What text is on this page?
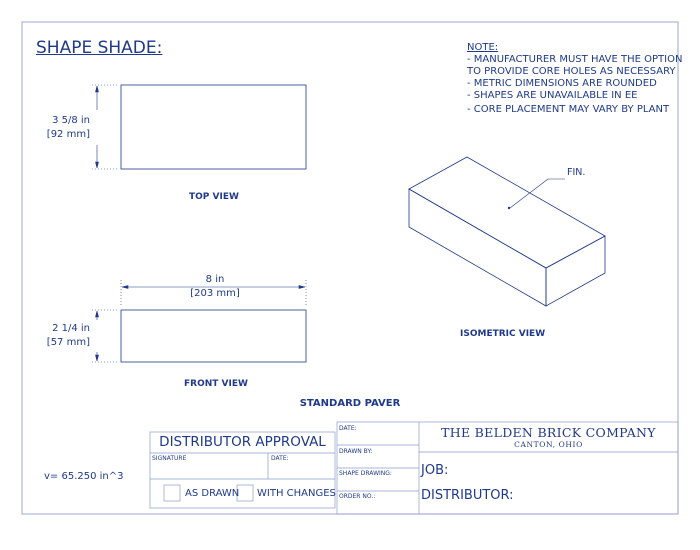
SHAPE SHADE:	NOTE:
- MANUFACTURER MUST HAVE THE OPTION
TO PROVIDE CORE HOLES AS NECESSARY
- METRIC DIMENSIONS ARE ROUNDED
- SHAPES ARE UNAVAILABLE IN EE
- CORE PLACEMENT MAY VARY BY PLANT
3 5/8 in
[92 mm]
TOP VIEW
8 in
[203 mm]
2 1/4 in
[57 mm]
FRONT VIEW
FIN.
ISOMETRIC VIEW
STANDARD PAVER
v= 65.250 in^3
DISTRIBUTOR APPROVAL
SIGNATURE	DATE:
AS DRAWN WITH CHANGES
DATE:
DRAWN BY:
SHAPE DRAWING:
ORDER NO.:
THE BELDEN BRICK COMPANY
CANTON, OHIO
JOB:
DISTRIBUTOR:
